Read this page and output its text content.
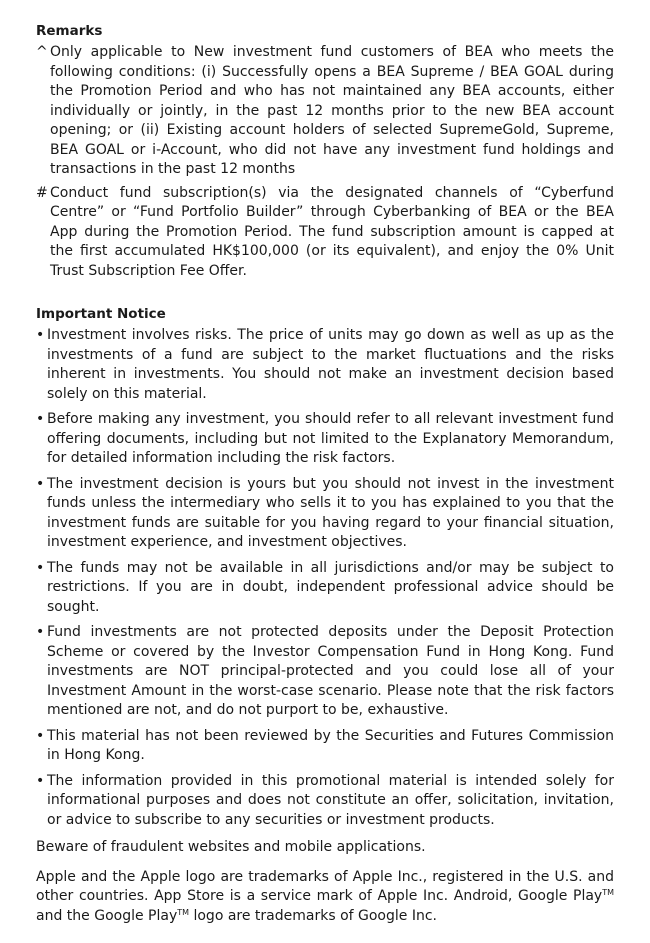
Remarks
^ Only applicable to New investment fund customers of BEA who meets the following conditions: (i) Successfully opens a BEA Supreme / BEA GOAL during the Promotion Period and who has not maintained any BEA accounts, either individually or jointly, in the past 12 months prior to the new BEA account opening; or (ii) Existing account holders of selected SupremeGold, Supreme, BEA GOAL or i-Account, who did not have any investment fund holdings and transactions in the past 12 months
# Conduct fund subscription(s) via the designated channels of “Cyberfund Centre” or “Fund Portfolio Builder” through Cyberbanking of BEA or the BEA App during the Promotion Period. The fund subscription amount is capped at the first accumulated HK$100,000 (or its equivalent), and enjoy the 0% Unit Trust Subscription Fee Offer.
Important Notice
• Investment involves risks. The price of units may go down as well as up as the investments of a fund are subject to the market fluctuations and the risks inherent in investments. You should not make an investment decision based solely on this material.
• Before making any investment, you should refer to all relevant investment fund offering documents, including but not limited to the Explanatory Memorandum, for detailed information including the risk factors.
• The investment decision is yours but you should not invest in the investment funds unless the intermediary who sells it to you has explained to you that the investment funds are suitable for you having regard to your financial situation, investment experience, and investment objectives.
• The funds may not be available in all jurisdictions and/or may be subject to restrictions. If you are in doubt, independent professional advice should be sought.
• Fund investments are not protected deposits under the Deposit Protection Scheme or covered by the Investor Compensation Fund in Hong Kong. Fund investments are NOT principal-protected and you could lose all of your Investment Amount in the worst-case scenario. Please note that the risk factors mentioned are not, and do not purport to be, exhaustive.
• This material has not been reviewed by the Securities and Futures Commission in Hong Kong.
• The information provided in this promotional material is intended solely for informational purposes and does not constitute an offer, solicitation, invitation, or advice to subscribe to any securities or investment products.

Beware of fraudulent websites and mobile applications.

Apple and the Apple logo are trademarks of Apple Inc., registered in the U.S. and other countries. App Store is a service mark of Apple Inc. Android, Google Play™ and the Google Play™ logo are trademarks of Google Inc.
